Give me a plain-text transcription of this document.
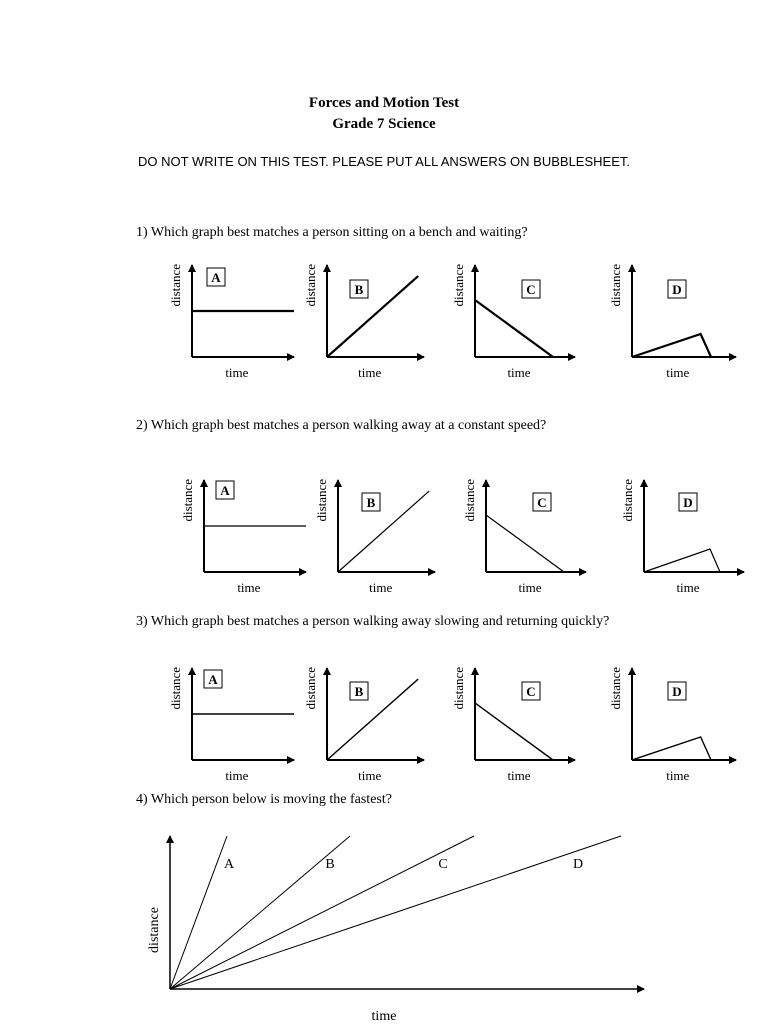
Forces and Motion Test
Grade 7 Science
DO NOT WRITE ON THIS TEST. PLEASE PUT ALL ANSWERS ON BUBBLESHEET.
1) Which graph best matches a person sitting on a bench and waiting?
2) Which graph best matches a person walking away at a constant speed?
3) Which graph best matches a person walking away slowing and returning quickly?
4) Which person below is moving the fastest?
A
time
distance	B
time
distance	C
time
distance	D
time
distance
A
time
distance	B
time
distance	C
time
distance	D
time
distance
A
time
distance	B
time
distance	C
time
distance	D
time
distance
A	B	C	D
time
distance
